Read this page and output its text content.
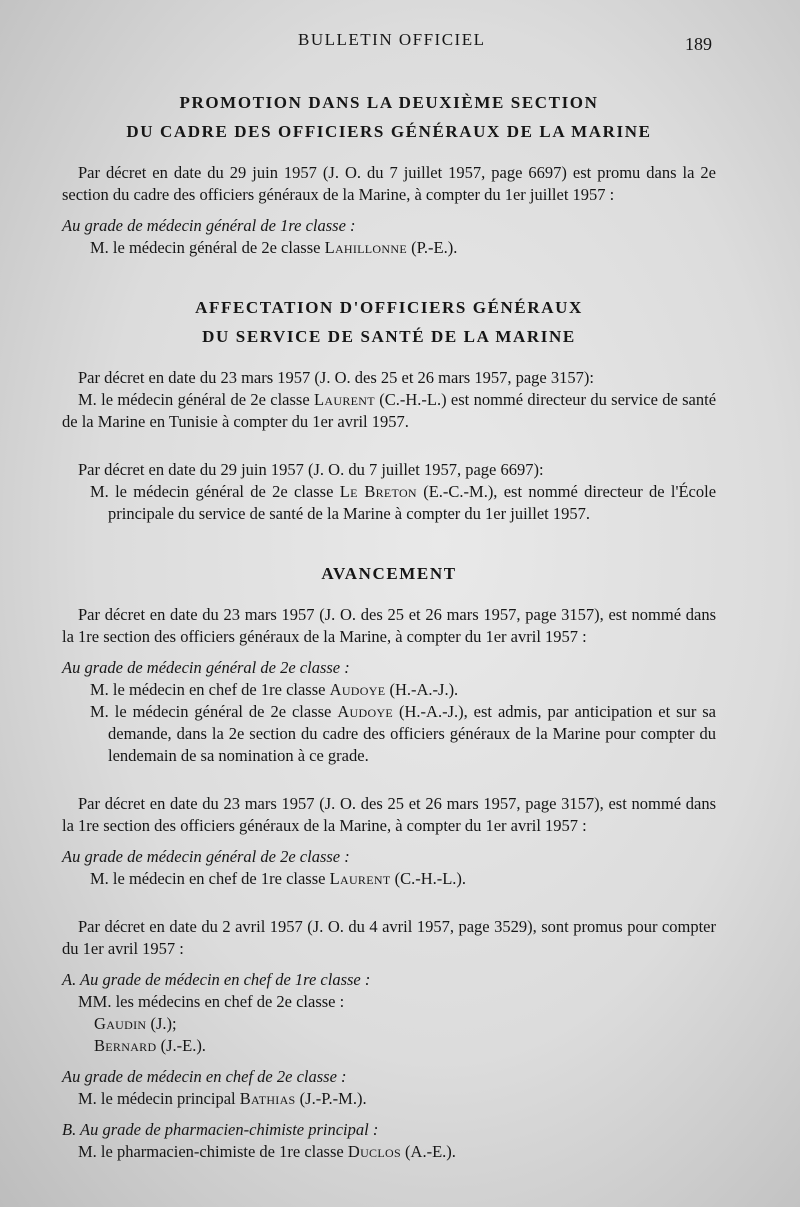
BULLETIN OFFICIEL	189

PROMOTION DANS LA DEUXIÈME SECTION

DU CADRE DES OFFICIERS GÉNÉRAUX DE LA MARINE

Par décret en date du 29 juin 1957 (J. O. du 7 juillet 1957, page 6697) est promu dans la 2e section du cadre des officiers généraux de la Marine, à compter du 1er juillet 1957 :

Au grade de médecin général de 1re classe :

M. le médecin général de 2e classe Lahillonne (P.-E.).

AFFECTATION D'OFFICIERS GÉNÉRAUX

DU SERVICE DE SANTÉ DE LA MARINE

Par décret en date du 23 mars 1957 (J. O. des 25 et 26 mars 1957, page 3157):

M. le médecin général de 2e classe Laurent (C.-H.-L.) est nommé directeur du service de santé de la Marine en Tunisie à compter du 1er avril 1957.

Par décret en date du 29 juin 1957 (J. O. du 7 juillet 1957, page 6697):

M. le médecin général de 2e classe Le Breton (E.-C.-M.), est nommé directeur de l'École principale du service de santé de la Marine à compter du 1er juillet 1957.

AVANCEMENT

Par décret en date du 23 mars 1957 (J. O. des 25 et 26 mars 1957, page 3157), est nommé dans la 1re section des officiers généraux de la Marine, à compter du 1er avril 1957 :

Au grade de médecin général de 2e classe :

M. le médecin en chef de 1re classe Audoye (H.-A.-J.).

M. le médecin général de 2e classe Audoye (H.-A.-J.), est admis, par anticipation et sur sa demande, dans la 2e section du cadre des officiers généraux de la Marine pour compter du lendemain de sa nomination à ce grade.

Par décret en date du 23 mars 1957 (J. O. des 25 et 26 mars 1957, page 3157), est nommé dans la 1re section des officiers généraux de la Marine, à compter du 1er avril 1957 :

Au grade de médecin général de 2e classe :

M. le médecin en chef de 1re classe Laurent (C.-H.-L.).

Par décret en date du 2 avril 1957 (J. O. du 4 avril 1957, page 3529), sont promus pour compter du 1er avril 1957 :

A. Au grade de médecin en chef de 1re classe :

MM. les médecins en chef de 2e classe :

Gaudin (J.);

Bernard (J.-E.).

Au grade de médecin en chef de 2e classe :

M. le médecin principal Bathias (J.-P.-M.).

B. Au grade de pharmacien-chimiste principal :

M. le pharmacien-chimiste de 1re classe Duclos (A.-E.).
